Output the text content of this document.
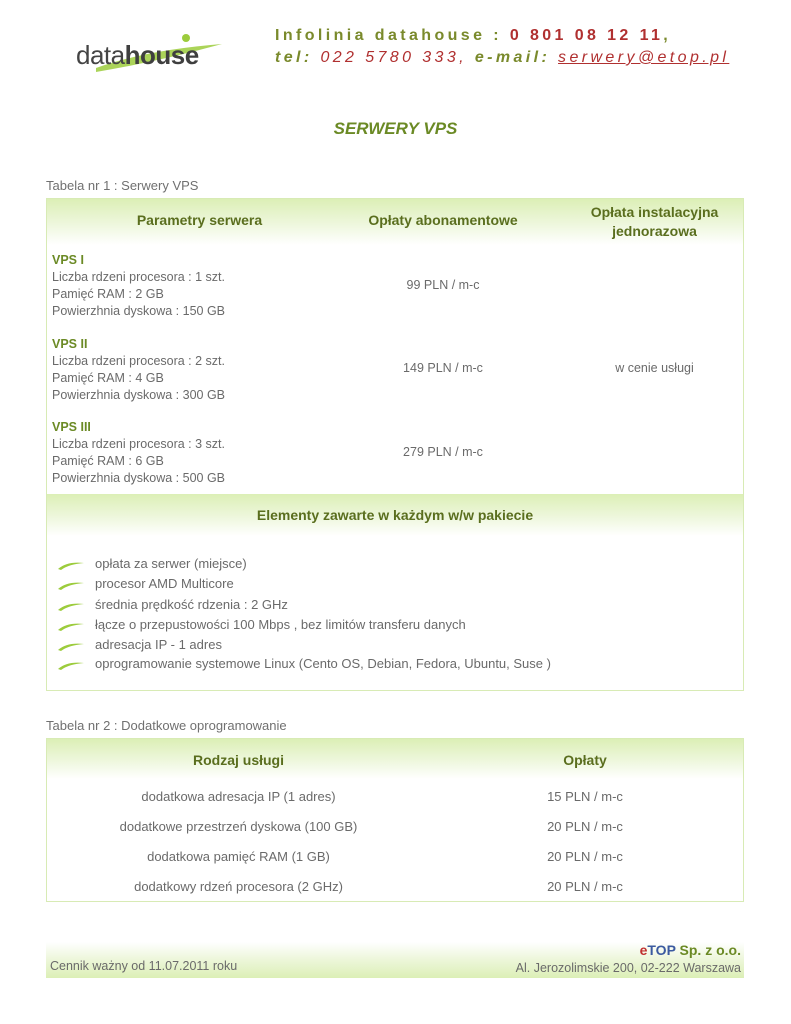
datahouse
Infolinia datahouse : 0 801 08 12 11,
tel: 022 5780 333, e-mail: serwery@etop.pl
SERWERY VPS
Tabela nr 1 : Serwery VPS
Parametry serwera	Opłaty abonamentowe	Opłata instalacyjna jednorazowa
VPS I
Liczba rdzeni procesora : 1 szt.
Pamięć RAM : 2 GB
Powierzhnia dyskowa : 150 GB
99 PLN / m-c
VPS II
Liczba rdzeni procesora : 2 szt.
Pamięć RAM : 4 GB
Powierzhnia dyskowa : 300 GB
149 PLN / m-c	w cenie usługi
VPS III
Liczba rdzeni procesora : 3 szt.
Pamięć RAM : 6 GB
Powierzhnia dyskowa : 500 GB
279 PLN / m-c
Elementy zawarte w każdym w/w pakiecie
opłata za serwer (miejsce)
procesor AMD Multicore
średnia prędkość rdzenia : 2 GHz
łącze o przepustowości 100 Mbps , bez limitów transferu danych
adresacja IP - 1 adres
oprogramowanie systemowe Linux (Cento OS, Debian, Fedora, Ubuntu, Suse )
Tabela nr 2 : Dodatkowe oprogramowanie
Rodzaj usługi	Opłaty
dodatkowa adresacja IP (1 adres)	15 PLN / m-c
dodatkowe przestrzeń dyskowa (100 GB)	20 PLN / m-c
dodatkowa pamięć RAM (1 GB)	20 PLN / m-c
dodatkowy rdzeń procesora (2 GHz)	20 PLN / m-c
Cennik ważny od 11.07.2011 roku
eTOP Sp. z o.o.
Al. Jerozolimskie 200, 02-222 Warszawa
